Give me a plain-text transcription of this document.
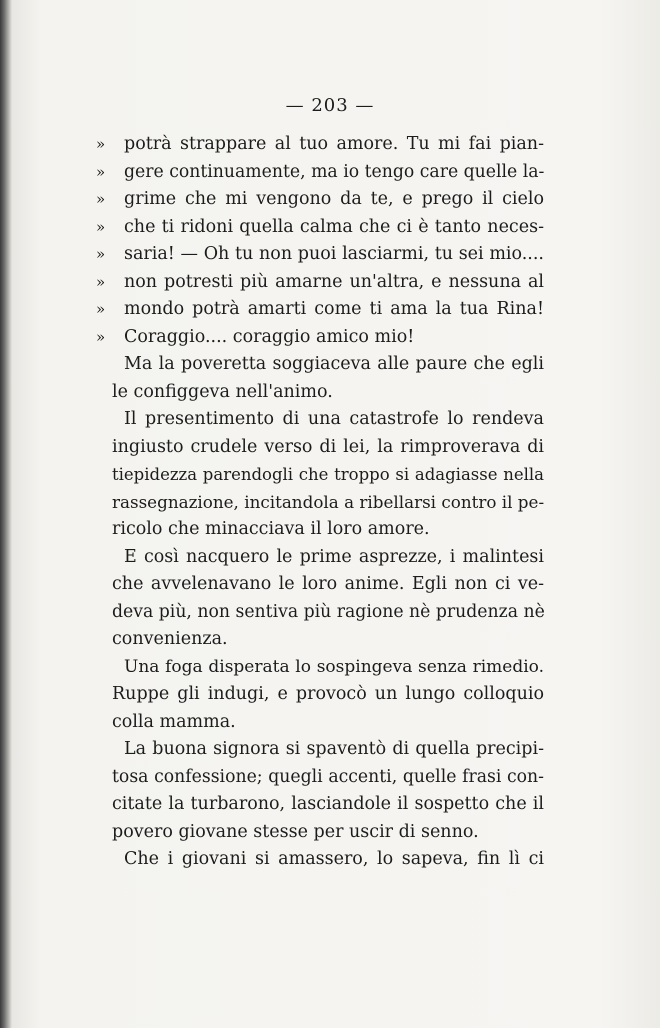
— 203 —
» potrà strappare al tuo amore. Tu mi fai pian-
» gere continuamente, ma io tengo care quelle la-
» grime che mi vengono da te, e prego il cielo
» che ti ridoni quella calma che ci è tanto neces-
» saria! — Oh tu non puoi lasciarmi, tu sei mio....
» non potresti più amarne un'altra, e nessuna al
» mondo potrà amarti come ti ama la tua Rina!
» Coraggio.... coraggio amico mio!
Ma la poveretta soggiaceva alle paure che egli
le configgeva nell'animo.
Il presentimento di una catastrofe lo rendeva
ingiusto crudele verso di lei, la rimproverava di
tiepidezza parendogli che troppo si adagiasse nella
rassegnazione, incitandola a ribellarsi contro il pe-
ricolo che minacciava il loro amore.
E così nacquero le prime asprezze, i malintesi
che avvelenavano le loro anime. Egli non ci ve-
deva più, non sentiva più ragione nè prudenza nè
convenienza.
Una foga disperata lo sospingeva senza rimedio.
Ruppe gli indugi, e provocò un lungo colloquio
colla mamma.
La buona signora si spaventò di quella precipi-
tosa confessione; quegli accenti, quelle frasi con-
citate la turbarono, lasciandole il sospetto che il
povero giovane stesse per uscir di senno.
Che i giovani si amassero, lo sapeva, fin lì ci
